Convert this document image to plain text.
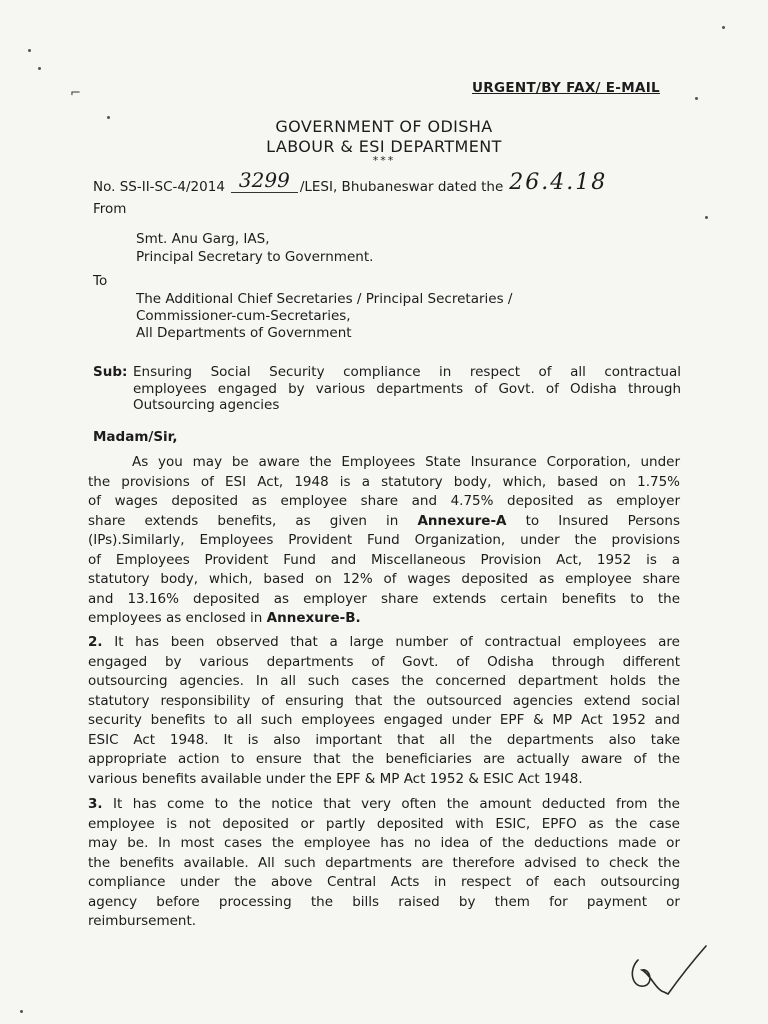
URGENT/BY FAX/ E-MAIL
GOVERNMENT OF ODISHA
LABOUR & ESI DEPARTMENT
***
No. SS-II-SC-4/2014 3299 /LESI, Bhubaneswar dated the 26.4.18
From
Smt. Anu Garg, IAS,
Principal Secretary to Government.
To
The Additional Chief Secretaries / Principal Secretaries /
Commissioner-cum-Secretaries,
All Departments of Government
Sub: Ensuring Social Security compliance in respect of all contractual
employees engaged by various departments of Govt. of Odisha through
Outsourcing agencies
Madam/Sir,
As you may be aware the Employees State Insurance Corporation, under
the provisions of ESI Act, 1948 is a statutory body, which, based on 1.75%
of wages deposited as employee share and 4.75% deposited as employer
share extends benefits, as given in Annexure-A to Insured Persons
(IPs).Similarly, Employees Provident Fund Organization, under the provisions
of Employees Provident Fund and Miscellaneous Provision Act, 1952 is a
statutory body, which, based on 12% of wages deposited as employee share
and 13.16% deposited as employer share extends certain benefits to the
employees as enclosed in Annexure-B.
2. It has been observed that a large number of contractual employees are
engaged by various departments of Govt. of Odisha through different
outsourcing agencies. In all such cases the concerned department holds the
statutory responsibility of ensuring that the outsourced agencies extend social
security benefits to all such employees engaged under EPF & MP Act 1952 and
ESIC Act 1948. It is also important that all the departments also take
appropriate action to ensure that the beneficiaries are actually aware of the
various benefits available under the EPF & MP Act 1952 & ESIC Act 1948.
3. It has come to the notice that very often the amount deducted from the
employee is not deposited or partly deposited with ESIC, EPFO as the case
may be. In most cases the employee has no idea of the deductions made or
the benefits available. All such departments are therefore advised to check the
compliance under the above Central Acts in respect of each outsourcing
agency before processing the bills raised by them for payment or
reimbursement.
⌐
